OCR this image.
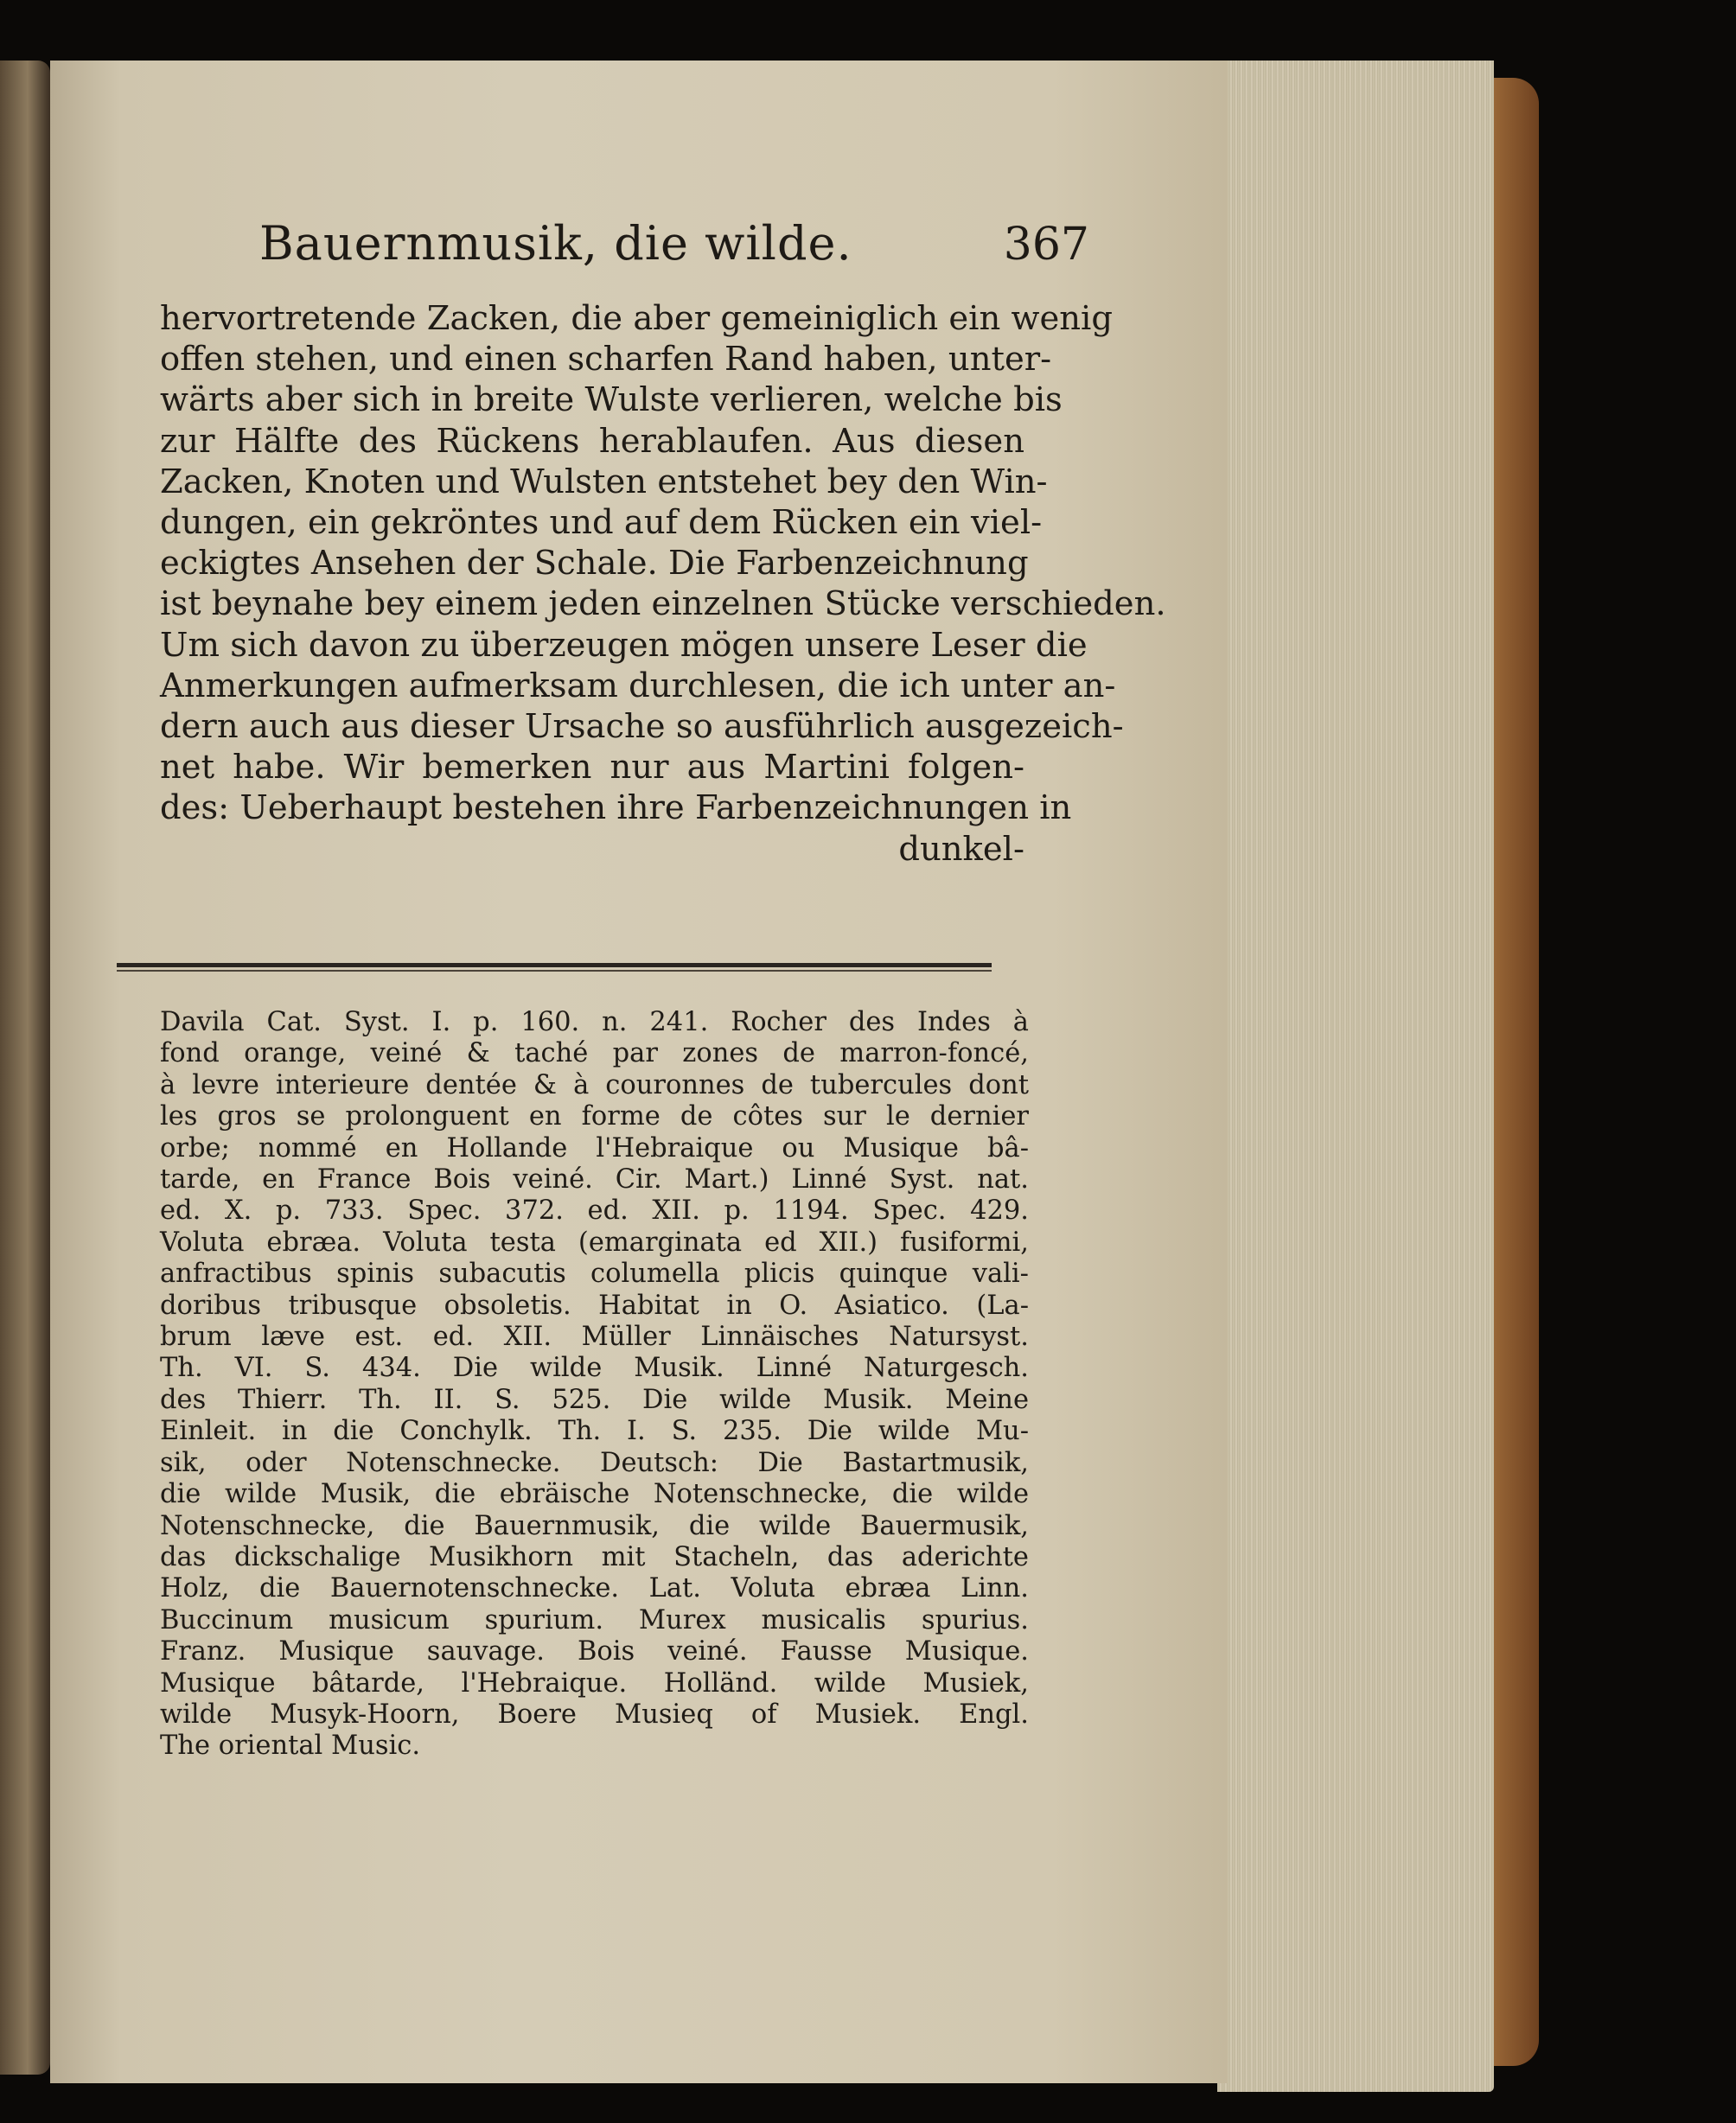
Bauernmusik, die wilde.	367
hervortretende Zacken, die aber gemeiniglich ein wenig
offen stehen, und einen scharfen Rand haben, unter-
wärts aber sich in breite Wulste verlieren, welche bis
zur Hälfte des Rückens herablaufen. Aus diesen
Zacken, Knoten und Wulsten entstehet bey den Win-
dungen, ein gekröntes und auf dem Rücken ein viel-
eckigtes Ansehen der Schale. Die Farbenzeichnung
ist beynahe bey einem jeden einzelnen Stücke verschieden.
Um sich davon zu überzeugen mögen unsere Leser die
Anmerkungen aufmerksam durchlesen, die ich unter an-
dern auch aus dieser Ursache so ausführlich ausgezeich-
net habe. Wir bemerken nur aus Martini folgen-
des: Ueberhaupt bestehen ihre Farbenzeichnungen in
dunkel-
Davila Cat. Syst. I. p. 160. n. 241. Rocher des Indes à
fond orange, veiné & taché par zones de marron-foncé,
à levre interieure dentée & à couronnes de tubercules dont
les gros se prolonguent en forme de côtes sur le dernier
orbe; nommé en Hollande l'Hebraique ou Musique bâ-
tarde, en France Bois veiné. Cir. Mart.) Linné Syst. nat.
ed. X. p. 733. Spec. 372. ed. XII. p. 1194. Spec. 429.
Voluta ebræa. Voluta testa (emarginata ed XII.) fusiformi,
anfractibus spinis subacutis columella plicis quinque vali-
doribus tribusque obsoletis. Habitat in O. Asiatico. (La-
brum læve est. ed. XII. Müller Linnäisches Natursyst.
Th. VI. S. 434. Die wilde Musik. Linné Naturgesch.
des Thierr. Th. II. S. 525. Die wilde Musik. Meine
Einleit. in die Conchylk. Th. I. S. 235. Die wilde Mu-
sik, oder Notenschnecke. Deutsch: Die Bastartmusik,
die wilde Musik, die ebräische Notenschnecke, die wilde
Notenschnecke, die Bauernmusik, die wilde Bauermusik,
das dickschalige Musikhorn mit Stacheln, das aderichte
Holz, die Bauernotenschnecke. Lat. Voluta ebræa Linn.
Buccinum musicum spurium. Murex musicalis spurius.
Franz. Musique sauvage. Bois veiné. Fausse Musique.
Musique bâtarde, l'Hebraique. Holländ. wilde Musiek,
wilde Musyk-Hoorn, Boere Musieq of Musiek. Engl.
The oriental Music.
